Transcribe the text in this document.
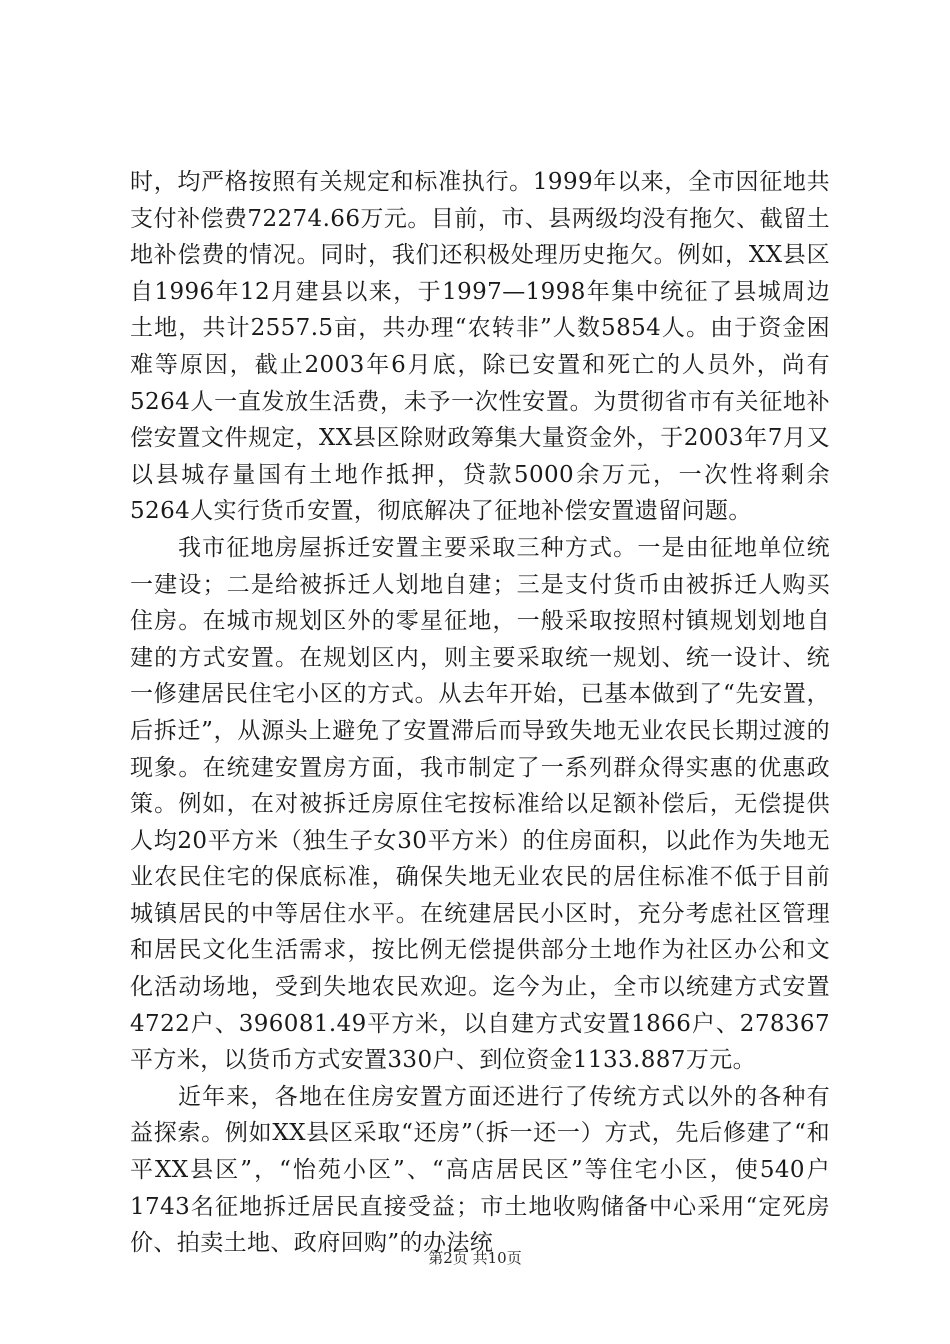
时，均严格按照有关规定和标准执行。1999年以来，全市因征地共支付补偿费72274.66万元。目前，市、县两级均没有拖欠、截留土地补偿费的情况。同时，我们还积极处理历史拖欠。例如，XX县区自1996年12月建县以来，于1997—1998年集中统征了县城周边土地，共计2557.5亩，共办理“农转非”人数5854人。由于资金困难等原因，截止2003年6月底，除已安置和死亡的人员外，尚有5264人一直发放生活费，未予一次性安置。为贯彻省市有关征地补偿安置文件规定，XX县区除财政筹集大量资金外，于2003年7月又以县城存量国有土地作抵押，贷款5000余万元，一次性将剩余5264人实行货币安置，彻底解决了征地补偿安置遗留问题。

我市征地房屋拆迁安置主要采取三种方式。一是由征地单位统一建设；二是给被拆迁人划地自建；三是支付货币由被拆迁人购买住房。在城市规划区外的零星征地，一般采取按照村镇规划划地自建的方式安置。在规划区内，则主要采取统一规划、统一设计、统一修建居民住宅小区的方式。从去年开始，已基本做到了“先安置，后拆迁”，从源头上避免了安置滞后而导致失地无业农民长期过渡的现象。在统建安置房方面，我市制定了一系列群众得实惠的优惠政策。例如，在对被拆迁房原住宅按标准给以足额补偿后，无偿提供人均20平方米（独生子女30平方米）的住房面积，以此作为失地无业农民住宅的保底标准，确保失地无业农民的居住标准不低于目前城镇居民的中等居住水平。在统建居民小区时，充分考虑社区管理和居民文化生活需求，按比例无偿提供部分土地作为社区办公和文化活动场地，受到失地农民欢迎。迄今为止，全市以统建方式安置4722户、396081.49平方米，以自建方式安置1866户、278367平方米，以货币方式安置330户、到位资金1133.887万元。

近年来，各地在住房安置方面还进行了传统方式以外的各种有益探索。例如XX县区采取“还房”（拆一还一）方式，先后修建了“和平XX县区”，“怡苑小区”、“高店居民区”等住宅小区，使540户1743名征地拆迁居民直接受益；市土地收购储备中心采用“定死房价、拍卖土地、政府回购”的办法统

第2页 共10页
